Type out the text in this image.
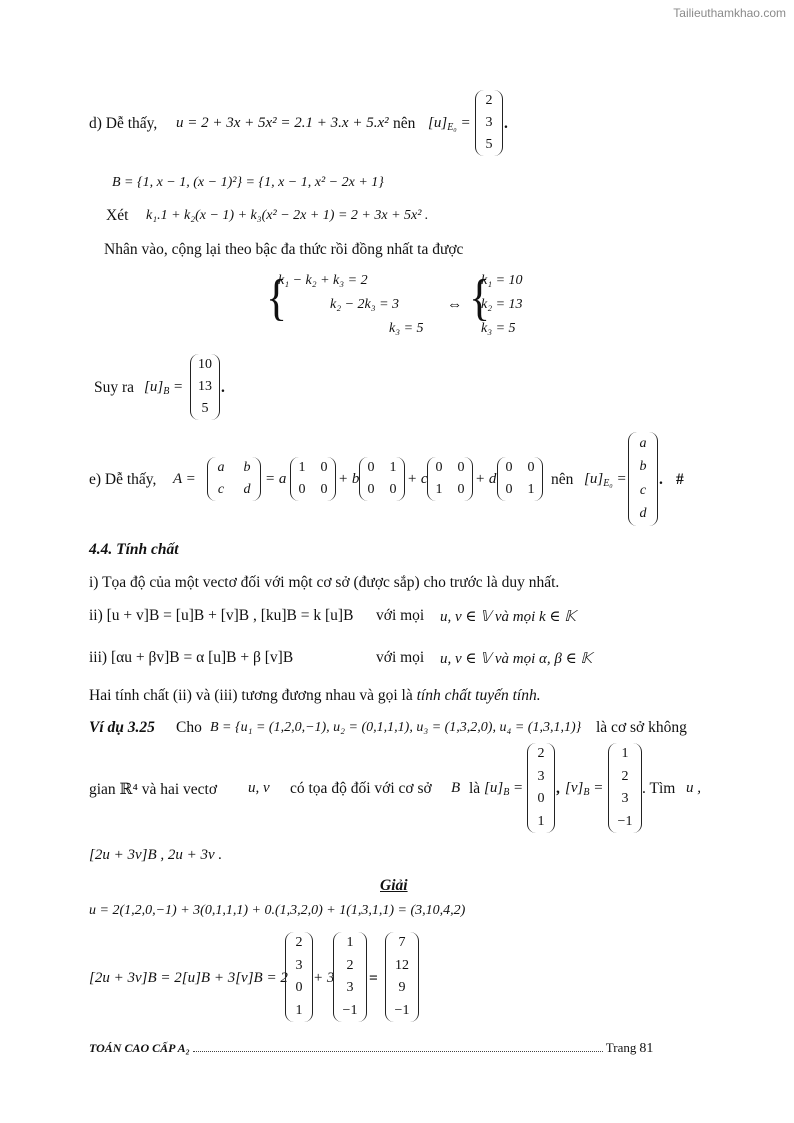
Tailieuthamkhao.com
d) Dễ thấy, u = 2 + 3x + 5x² = 2.1 + 3.x + 5.x² nên $[u]_{E_0}$ =
2
3
5
.
B = {1, x − 1, (x − 1)²} = {1, x − 1, x² − 2x + 1}
Xét k₁.1 + k₂(x − 1) + k₃(x² − 2x + 1) = 2 + 3x + 5x² .
Nhân vào, cộng lại theo bậc đa thức rồi đồng nhất ta được
{
k₁ − k₂ + k₃ = 2
k₂ − 2k₃ = 3
k₃ = 5
⇔ {
k₁ = 10
k₂ = 13
k₃ = 5
Suy ra $[u]_B$ =
10
13
5
.
e) Dễ thấy, A =
a b
c d
= a
1 0
0 0
+ b
0 1
0 0
+ c
0 0
1 0
+ d
0 0
0 1
nên $[u]_{E_0}$ =
a
b
c
d
. #
4.4. Tính chất
i) Tọa độ của một vectơ đối với một cơ sở (được sắp) cho trước là duy nhất.
ii) [u + v]B = [u]B + [v]B , [ku]B = k [u]B với mọi u, v ∈ 𝕍 và mọi k ∈ 𝕂
iii) [αu + βv]B = α [u]B + β [v]B	với mọi u, v ∈ 𝕍 và mọi α, β ∈ 𝕂
Hai tính chất (ii) và (iii) tương đương nhau và gọi là tính chất tuyến tính.
Ví dụ 3.25 Cho B = {u₁ = (1,2,0,−1), u₂ = (0,1,1,1), u₃ = (1,3,2,0), u₄ = (1,3,1,1)} là cơ sở không
gian ℝ⁴ và hai vectơ u, v có tọa độ đối với cơ sở B là $[u]_B$ =
2
3
0
1
, $[v]_B$ =
1
2
3
−1
. Tìm u ,
[2u + 3v]B , 2u + 3v .
Giải
u = 2(1,2,0,−1) + 3(0,1,1,1) + 0.(1,3,2,0) + 1(1,3,1,1) = (3,10,4,2)
[2u + 3v]B = 2[u]B + 3[v]B = 2
2
3
0
1
+ 3
1
2
3
−1
=
7
12
9
−1
TOÁN CAO CẤP A₂	Trang 81
